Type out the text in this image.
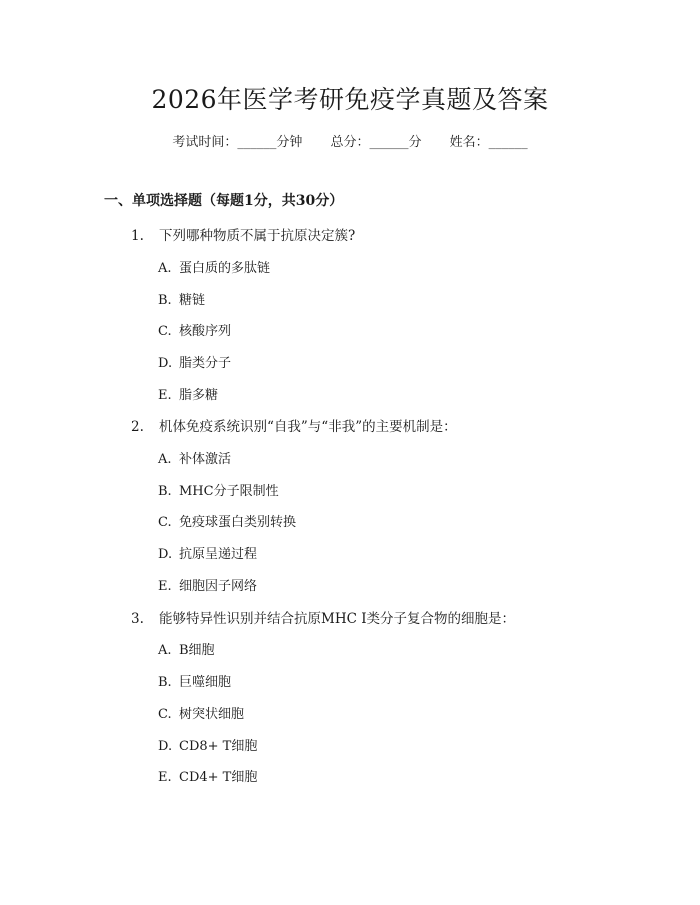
2026年医学考研免疫学真题及答案
考试时间：______分钟 总分：______分 姓名：______
一、单项选择题（每题1分，共30分）
1. 下列哪种物质不属于抗原决定簇?
A. 蛋白质的多肽链
B. 糖链
C. 核酸序列
D. 脂类分子
E. 脂多糖
2. 机体免疫系统识别“自我”与“非我”的主要机制是：
A. 补体激活
B. MHC分子限制性
C. 免疫球蛋白类别转换
D. 抗原呈递过程
E. 细胞因子网络
3. 能够特异性识别并结合抗原MHC I类分子复合物的细胞是：
A. B细胞
B. 巨噬细胞
C. 树突状细胞
D. CD8+ T细胞
E. CD4+ T细胞
